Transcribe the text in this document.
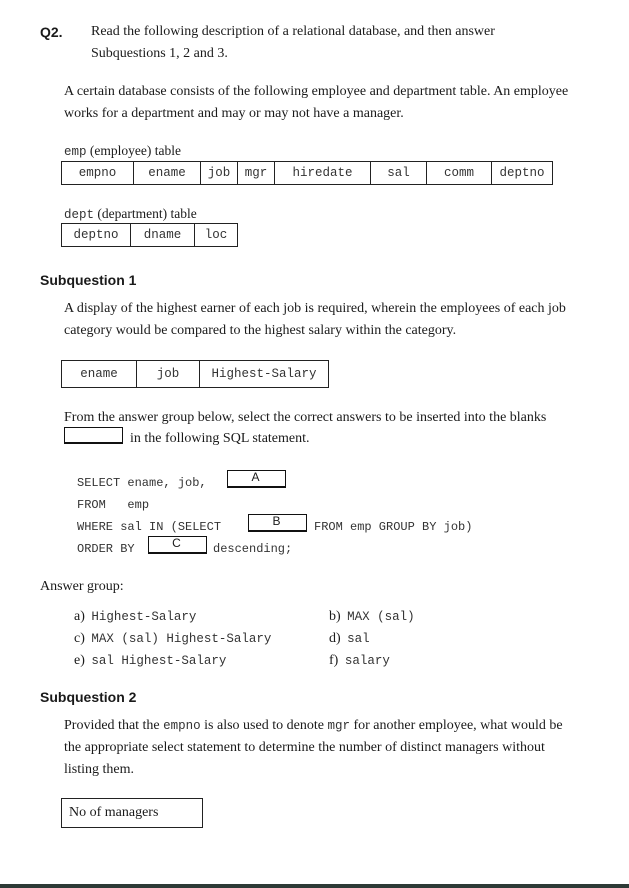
Q2. Read the following description of a relational database, and then answer
Subquestions 1, 2 and 3.
A certain database consists of the following employee and department table. An employee
works for a department and may or may not have a manager.
emp (employee) table
empno	ename	job	mgr	hiredate	sal	comm	deptno
dept (department) table
deptno	dname	loc
Subquestion 1
A display of the highest earner of each job is required, wherein the employees of each job
category would be compared to the highest salary within the category.
ename	job	Highest-Salary
From the answer group below, select the correct answers to be inserted into the blanks
in the following SQL statement.
SELECT ename, job,	A
FROM emp
WHERE sal IN (SELECT	B	FROM emp GROUP BY job)
ORDER BY	C	descending;
Answer group:
a) Highest-Salary	b) MAX (sal)
c) MAX (sal) Highest-Salary	d) sal
e) sal Highest-Salary	f) salary
Subquestion 2
Provided that the empno is also used to denote mgr for another employee, what would be
the appropriate select statement to determine the number of distinct managers without
listing them.
No of managers
